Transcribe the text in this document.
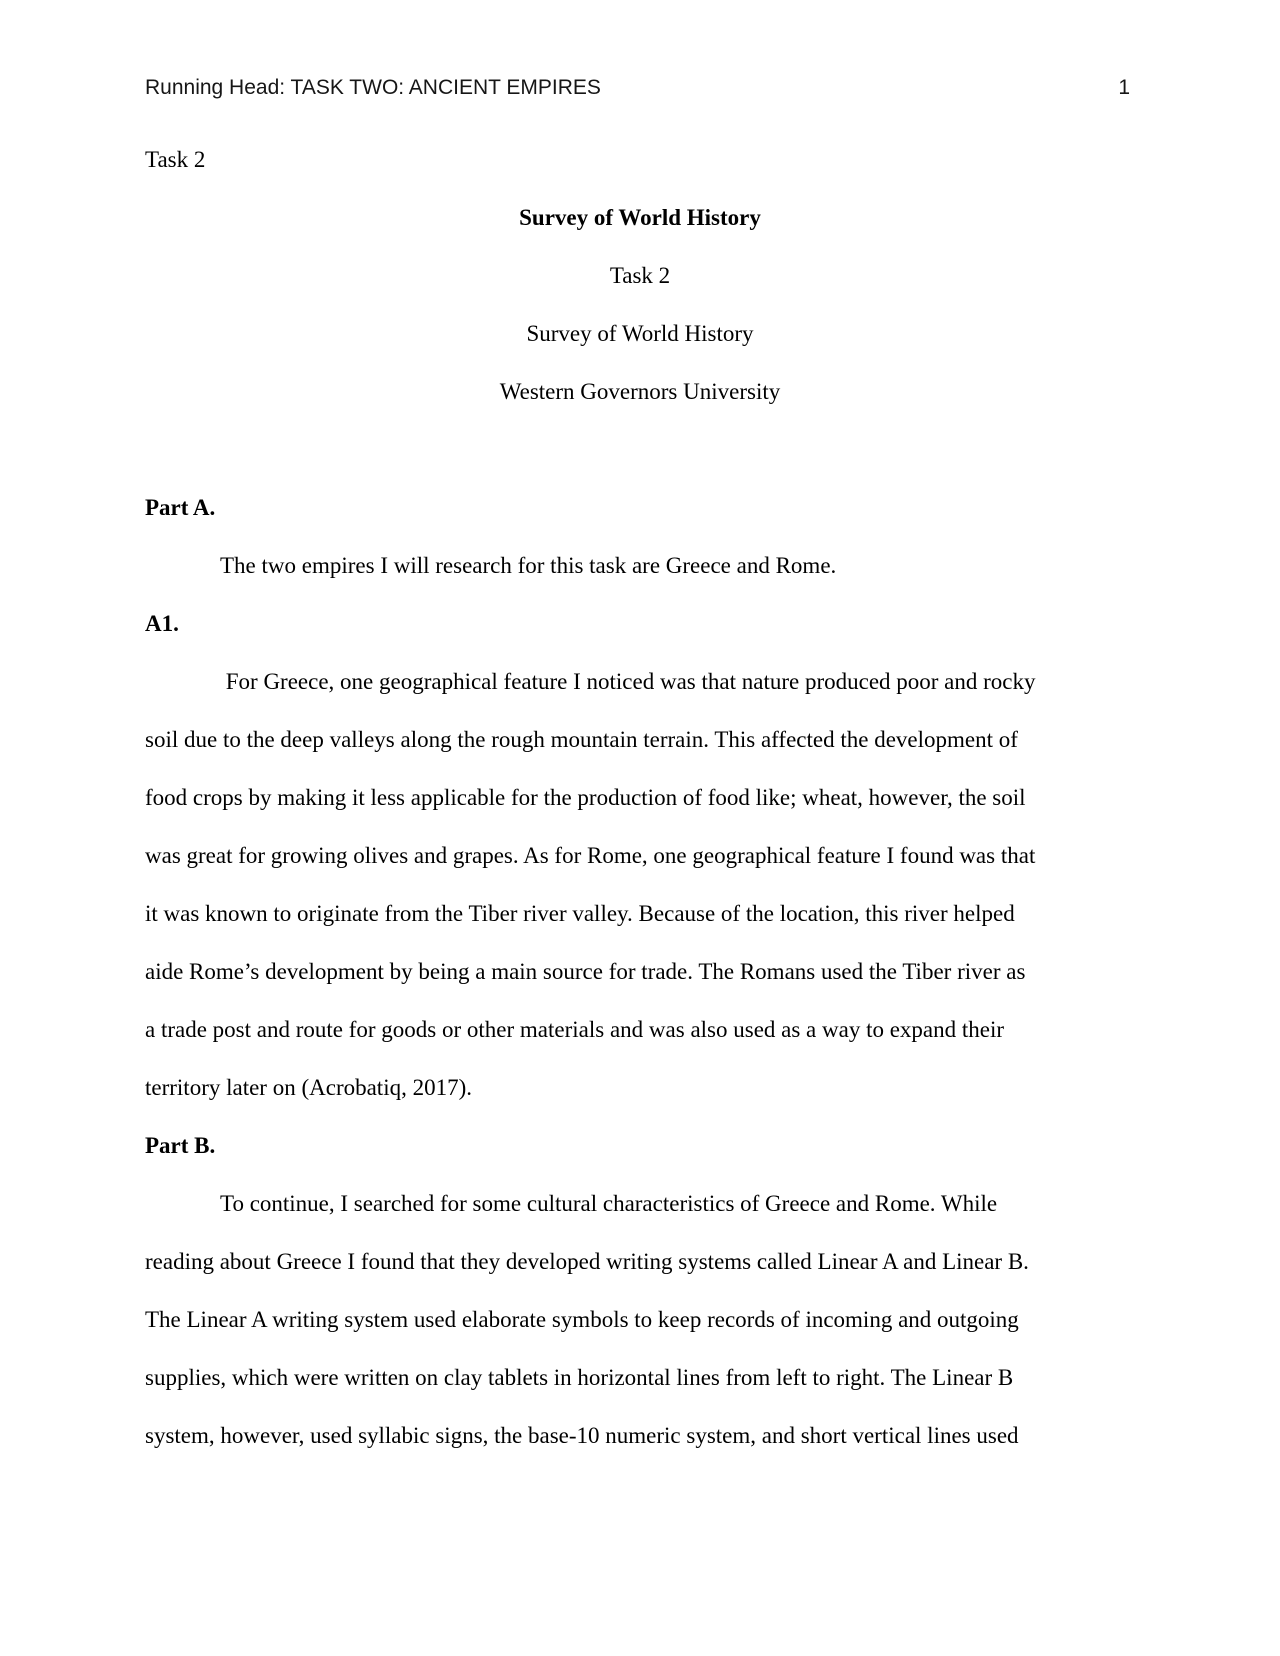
Running Head: TASK TWO: ANCIENT EMPIRES	1
Task 2
Survey of World History
Task 2
Survey of World History
Western Governors University
Part A.
The two empires I will research for this task are Greece and Rome.
A1.
For Greece, one geographical feature I noticed was that nature produced poor and rocky
soil due to the deep valleys along the rough mountain terrain. This affected the development of
food crops by making it less applicable for the production of food like; wheat, however, the soil
was great for growing olives and grapes. As for Rome, one geographical feature I found was that
it was known to originate from the Tiber river valley. Because of the location, this river helped
aide Rome’s development by being a main source for trade. The Romans used the Tiber river as
a trade post and route for goods or other materials and was also used as a way to expand their
territory later on (Acrobatiq, 2017).
Part B.
To continue, I searched for some cultural characteristics of Greece and Rome. While
reading about Greece I found that they developed writing systems called Linear A and Linear B.
The Linear A writing system used elaborate symbols to keep records of incoming and outgoing
supplies, which were written on clay tablets in horizontal lines from left to right. The Linear B
system, however, used syllabic signs, the base-10 numeric system, and short vertical lines used
